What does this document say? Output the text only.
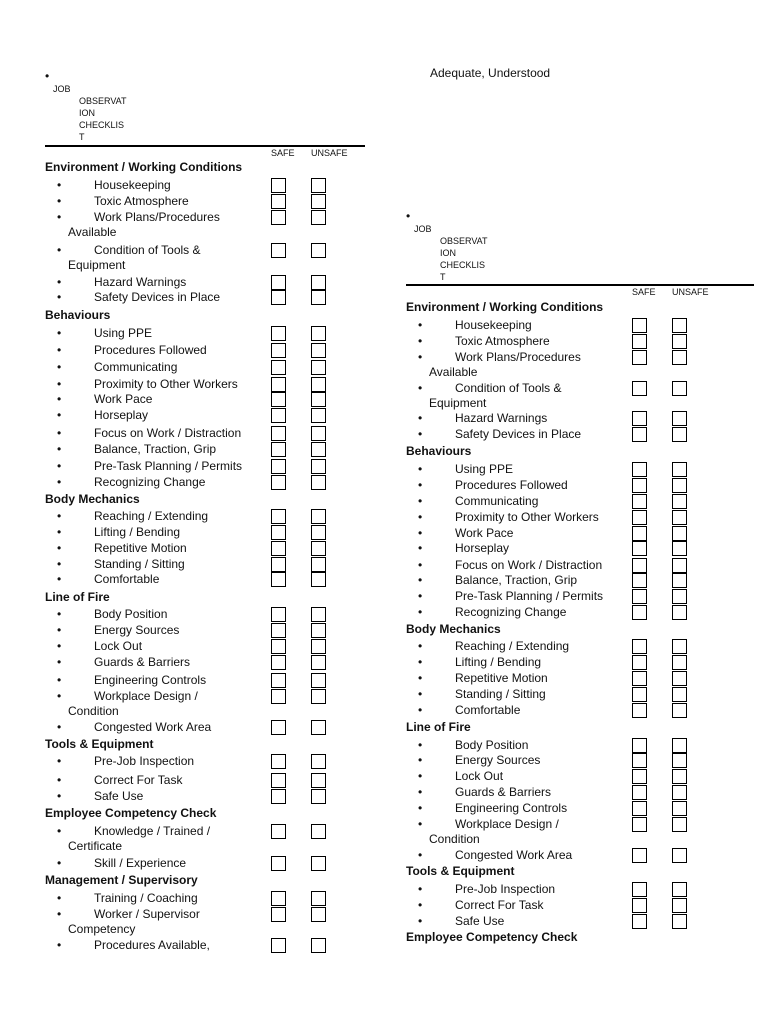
Adequate, Understood
•
JOB
OBSERVAT
ION
CHECKLIS
T
SAFE UNSAFE
Environment / Working Conditions
•	Housekeeping
•	Toxic Atmosphere
•	Work Plans/Procedures
Available
•	Condition of Tools &
Equipment
•	Hazard Warnings
•	Safety Devices in Place
Behaviours
•	Using PPE
•	Procedures Followed
•	Communicating
•	Proximity to Other Workers
•	Work Pace
•	Horseplay
•	Focus on Work / Distraction
•	Balance, Traction, Grip
•	Pre-Task Planning / Permits
•	Recognizing Change
Body Mechanics
•	Reaching / Extending
•	Lifting / Bending
•	Repetitive Motion
•	Standing / Sitting
•	Comfortable
Line of Fire
•	Body Position
•	Energy Sources
•	Lock Out
•	Guards & Barriers
•	Engineering Controls
•	Workplace Design /
Condition
•	Congested Work Area
Tools & Equipment
•	Pre-Job Inspection
•	Correct For Task
•	Safe Use
Employee Competency Check
•	Knowledge / Trained /
Certificate
•	Skill / Experience
Management / Supervisory
•	Training / Coaching
•	Worker / Supervisor
Competency
•	Procedures Available,
•
JOB
OBSERVAT
ION
CHECKLIS
T
SAFE UNSAFE
Environment / Working Conditions
•	Housekeeping
•	Toxic Atmosphere
•	Work Plans/Procedures
Available
•	Condition of Tools &
Equipment
•	Hazard Warnings
•	Safety Devices in Place
Behaviours
•	Using PPE
•	Procedures Followed
•	Communicating
•	Proximity to Other Workers
•	Work Pace
•	Horseplay
•	Focus on Work / Distraction
•	Balance, Traction, Grip
•	Pre-Task Planning / Permits
•	Recognizing Change
Body Mechanics
•	Reaching / Extending
•	Lifting / Bending
•	Repetitive Motion
•	Standing / Sitting
•	Comfortable
Line of Fire
•	Body Position
•	Energy Sources
•	Lock Out
•	Guards & Barriers
•	Engineering Controls
•	Workplace Design /
Condition
•	Congested Work Area
Tools & Equipment
•	Pre-Job Inspection
•	Correct For Task
•	Safe Use
Employee Competency Check
